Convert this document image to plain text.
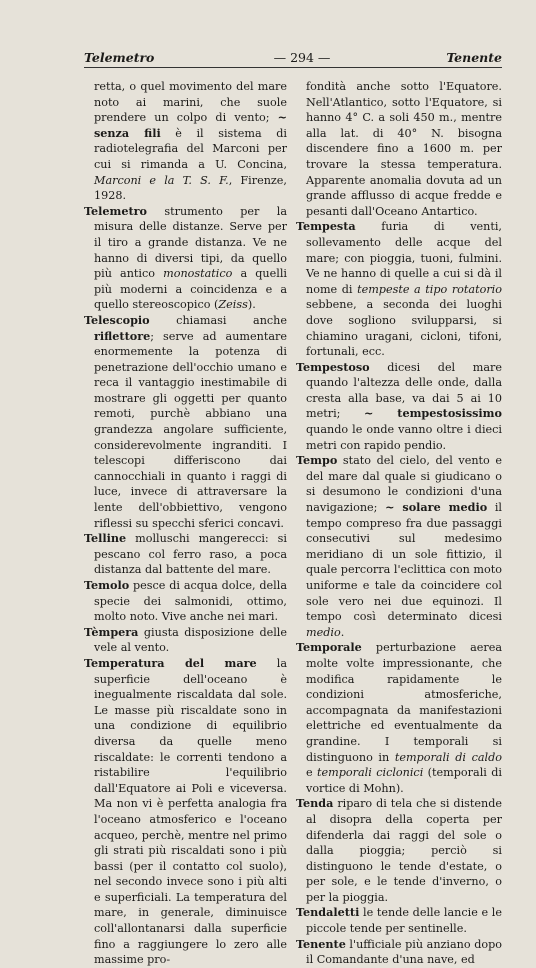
Telemetro	— 294 —	Tenente

retta, o quel movimento del mare noto ai marini, che suole prendere un colpo di vento; ~ senza fili è il sistema di radiotelegrafia del Marconi per cui si rimanda a U. Concina, Marconi e la T. S. F., Firenze, 1928.

Telemetro strumento per la misura delle distanze. Serve per il tiro a grande distanza. Ve ne hanno di diversi tipi, da quello più antico monostatico a quelli più moderni a coincidenza e a quello stereoscopico (Zeiss).

Telescopio chiamasi anche riflettore; serve ad aumentare enormemente la potenza di penetrazione dell'occhio umano e reca il vantaggio inestimabile di mostrare gli oggetti per quanto remoti, purchè abbiano una grandezza angolare sufficiente, considerevolmente ingranditi. I telescopi differiscono dai cannocchiali in quanto i raggi di luce, invece di attraversare la lente dell'obbiettivo, vengono riflessi su specchi sferici concavi.

Telline molluschi mangerecci: si pescano col ferro raso, a poca distanza dal battente del mare.

Temolo pesce di acqua dolce, della specie dei salmonidi, ottimo, molto noto. Vive anche nei mari.

Tèmpera giusta disposizione delle vele al vento.

Temperatura del mare la superficie dell'oceano è inegualmente riscaldata dal sole. Le masse più riscaldate sono in una condizione di equilibrio diversa da quelle meno riscaldate: le correnti tendono a ristabilire l'equilibrio dall'Equatore ai Poli e viceversa. Ma non vi è perfetta analogia fra l'oceano atmosferico e l'oceano acqueo, perchè, mentre nel primo gli strati più riscaldati sono i più bassi (per il contatto col suolo), nel secondo invece sono i più alti e superficiali. La temperatura del mare, in generale, diminuisce coll'allontanarsi dalla superficie fino a raggiungere lo zero alle massime pro-

fondità anche sotto l'Equatore. Nell'Atlantico, sotto l'Equatore, si hanno 4° C. a soli 450 m., mentre alla lat. di 40° N. bisogna discendere fino a 1600 m. per trovare la stessa temperatura. Apparente anomalia dovuta ad un grande afflusso di acque fredde e pesanti dall'Oceano Antartico.

Tempesta furia di venti, sollevamento delle acque del mare; con pioggia, tuoni, fulmini. Ve ne hanno di quelle a cui si dà il nome di tempeste a tipo rotatorio sebbene, a seconda dei luoghi dove sogliono svilupparsi, si chiamino uragani, cicloni, tifoni, fortunali, ecc.

Tempestoso dicesi del mare quando l'altezza delle onde, dalla cresta alla base, va dai 5 ai 10 metri; ~ tempestosissimo quando le onde vanno oltre i dieci metri con rapido pendio.

Tempo stato del cielo, del vento e del mare dal quale si giudicano o si desumono le condizioni d'una navigazione; ~ solare medio il tempo compreso fra due passaggi consecutivi sul medesimo meridiano di un sole fittizio, il quale percorra l'eclittica con moto uniforme e tale da coincidere col sole vero nei due equinozi. Il tempo così determinato dicesi medio.

Temporale perturbazione aerea molte volte impressionante, che modifica rapidamente le condizioni atmosferiche, accompagnata da manifestazioni elettriche ed eventualmente da grandine. I temporali si distinguono in temporali di caldo e temporali ciclonici (temporali di vortice di Mohn).

Tenda riparo di tela che si distende al disopra della coperta per difenderla dai raggi del sole o dalla pioggia; perciò si distinguono le tende d'estate, o per sole, e le tende d'inverno, o per la pioggia.

Tendaletti le tende delle lancie e le piccole tende per sentinelle.

Tenente l'ufficiale più anziano dopo il Comandante d'una nave, ed
